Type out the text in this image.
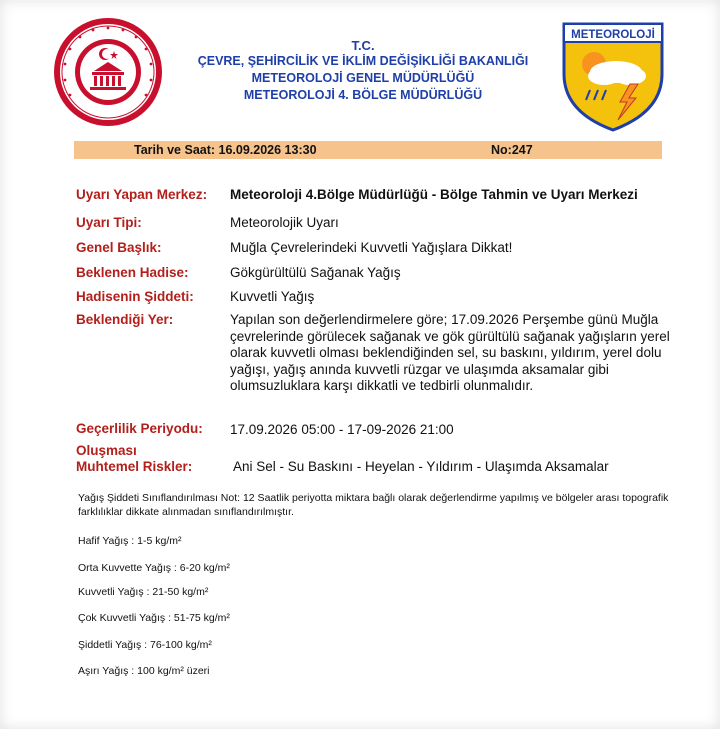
T.C.
ÇEVRE, ŞEHİRCİLİK VE İKLİM DEĞİŞİKLİĞİ BAKANLIĞI
METEOROLOJİ GENEL MÜDÜRLÜĞÜ
METEOROLOJİ 4. BÖLGE MÜDÜRLÜĞÜ
METEOROLOJİ
Tarih ve Saat: 16.09.2026 13:30	No:247
Uyarı Yapan Merkez: Meteoroloji 4.Bölge Müdürlüğü - Bölge Tahmin ve Uyarı Merkezi
Uyarı Tipi:	Meteorolojik Uyarı
Genel Başlık:	Muğla Çevrelerindeki Kuvvetli Yağışlara Dikkat!
Beklenen Hadise:	Gökgürültülü Sağanak Yağış
Hadisenin Şiddeti:	Kuvvetli Yağış
Beklendiği Yer:	Yapılan son değerlendirmelere göre; 17.09.2026 Perşembe günü Muğla çevrelerinde görülecek sağanak ve gök gürültülü sağanak yağışların yerel olarak kuvvetli olması beklendiğinden sel, su baskını, yıldırım, yerel dolu yağışı, yağış anında kuvvetli rüzgar ve ulaşımda aksamalar gibi olumsuzluklara karşı dikkatli ve tedbirli olunmalıdır.
Geçerlilik Periyodu: 17.09.2026 05:00 - 17-09-2026 21:00
Oluşması
Muhtemel Riskler:	Ani Sel - Su Baskını - Heyelan - Yıldırım - Ulaşımda Aksamalar
Yağış Şiddeti Sınıflandırılması Not: 12 Saatlik periyotta miktara bağlı olarak değerlendirme yapılmış ve bölgeler arası topografik farklılıklar dikkate alınmadan sınıflandırılmıştır.
Hafif Yağış : 1-5 kg/m²
Orta Kuvvette Yağış : 6-20 kg/m²
Kuvvetli Yağış : 21-50 kg/m²
Çok Kuvvetli Yağış : 51-75 kg/m²
Şiddetli Yağış : 76-100 kg/m²
Aşırı Yağış : 100 kg/m² üzeri
